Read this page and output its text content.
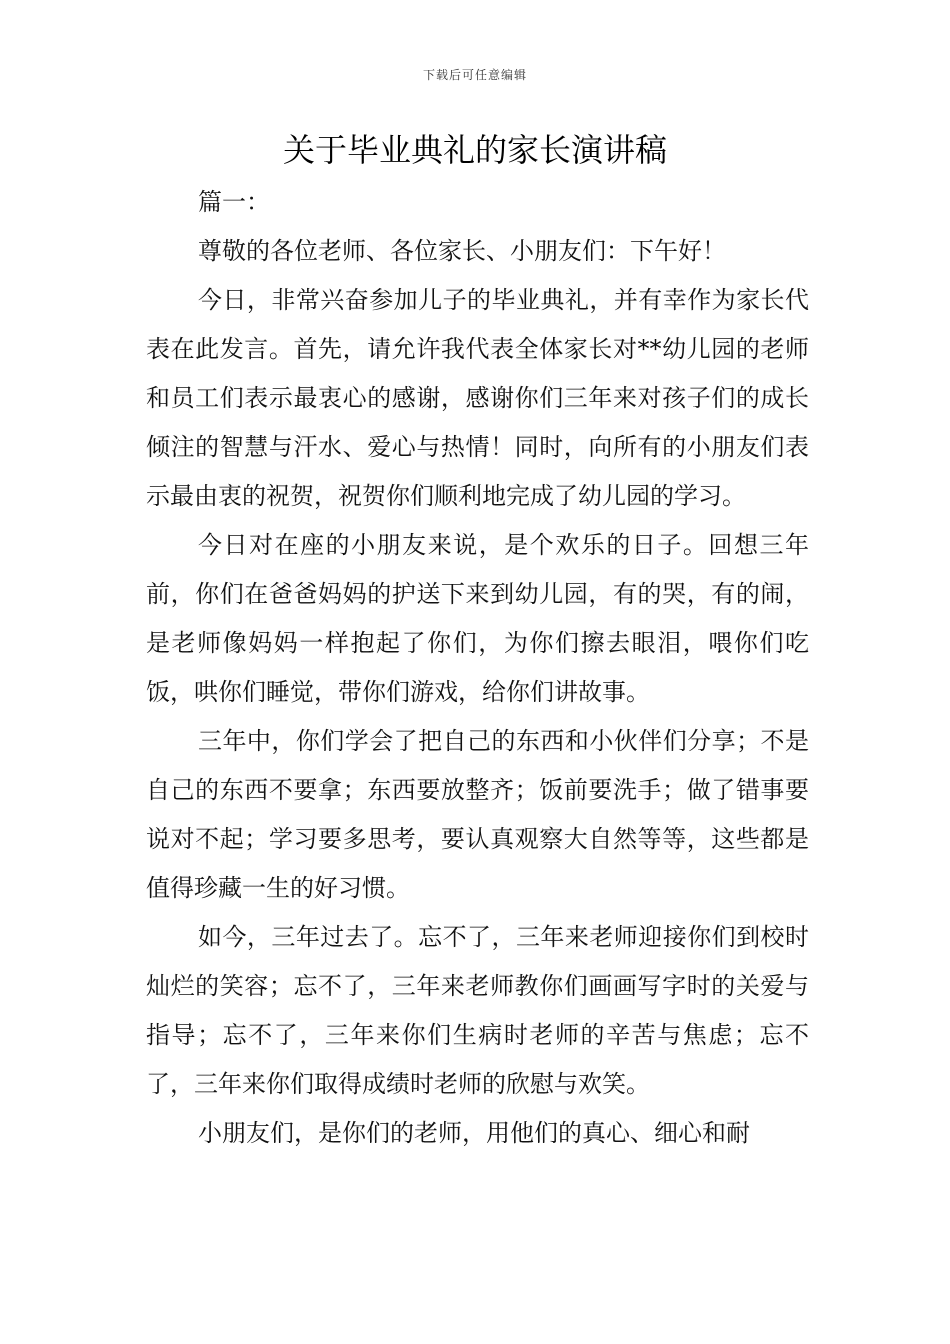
下载后可任意编辑
关于毕业典礼的家长演讲稿

篇一：

尊敬的各位老师、各位家长、小朋友们：下午好！

今日，非常兴奋参加儿子的毕业典礼，并有幸作为家长代表在此发言。首先，请允许我代表全体家长对**幼儿园的老师和员工们表示最衷心的感谢，感谢你们三年来对孩子们的成长倾注的智慧与汗水、爱心与热情！同时，向所有的小朋友们表示最由衷的祝贺，祝贺你们顺利地完成了幼儿园的学习。

今日对在座的小朋友来说，是个欢乐的日子。回想三年前，你们在爸爸妈妈的护送下来到幼儿园，有的哭，有的闹，是老师像妈妈一样抱起了你们，为你们擦去眼泪，喂你们吃饭，哄你们睡觉，带你们游戏，给你们讲故事。

三年中，你们学会了把自己的东西和小伙伴们分享；不是自己的东西不要拿；东西要放整齐；饭前要洗手；做了错事要说对不起；学习要多思考，要认真观察大自然等等，这些都是值得珍藏一生的好习惯。

如今，三年过去了。忘不了，三年来老师迎接你们到校时灿烂的笑容；忘不了，三年来老师教你们画画写字时的关爱与指导；忘不了，三年来你们生病时老师的辛苦与焦虑；忘不了，三年来你们取得成绩时老师的欣慰与欢笑。

小朋友们，是你们的老师，用他们的真心、细心和耐
